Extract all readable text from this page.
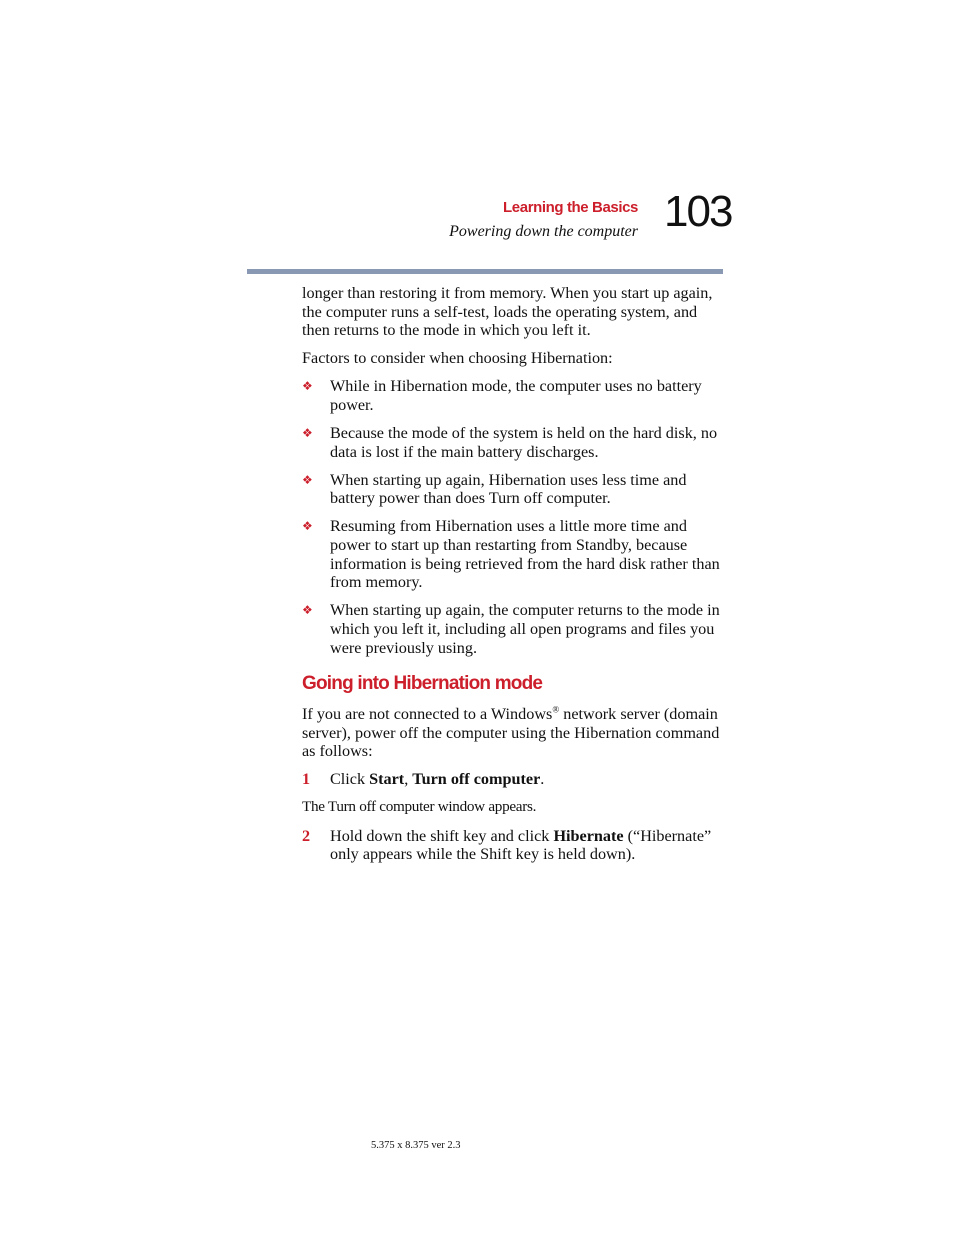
Learning the Basics
Powering down the computer 103

longer than restoring it from memory. When you start up again, the computer runs a self-test, loads the operating system, and then returns to the mode in which you left it.

Factors to consider when choosing Hibernation:

❖ While in Hibernation mode, the computer uses no battery power.
❖ Because the mode of the system is held on the hard disk, no data is lost if the main battery discharges.
❖ When starting up again, Hibernation uses less time and battery power than does Turn off computer.
❖ Resuming from Hibernation uses a little more time and power to start up than restarting from Standby, because information is being retrieved from the hard disk rather than from memory.
❖ When starting up again, the computer returns to the mode in which you left it, including all open programs and files you were previously using.
Going into Hibernation mode

If you are not connected to a Windows® network server (domain server), power off the computer using the Hibernation command as follows:

1 Click Start, Turn off computer.

The Turn off computer window appears.

2 Hold down the shift key and click Hibernate (“Hibernate” only appears while the Shift key is held down).
5.375 x 8.375 ver 2.3
